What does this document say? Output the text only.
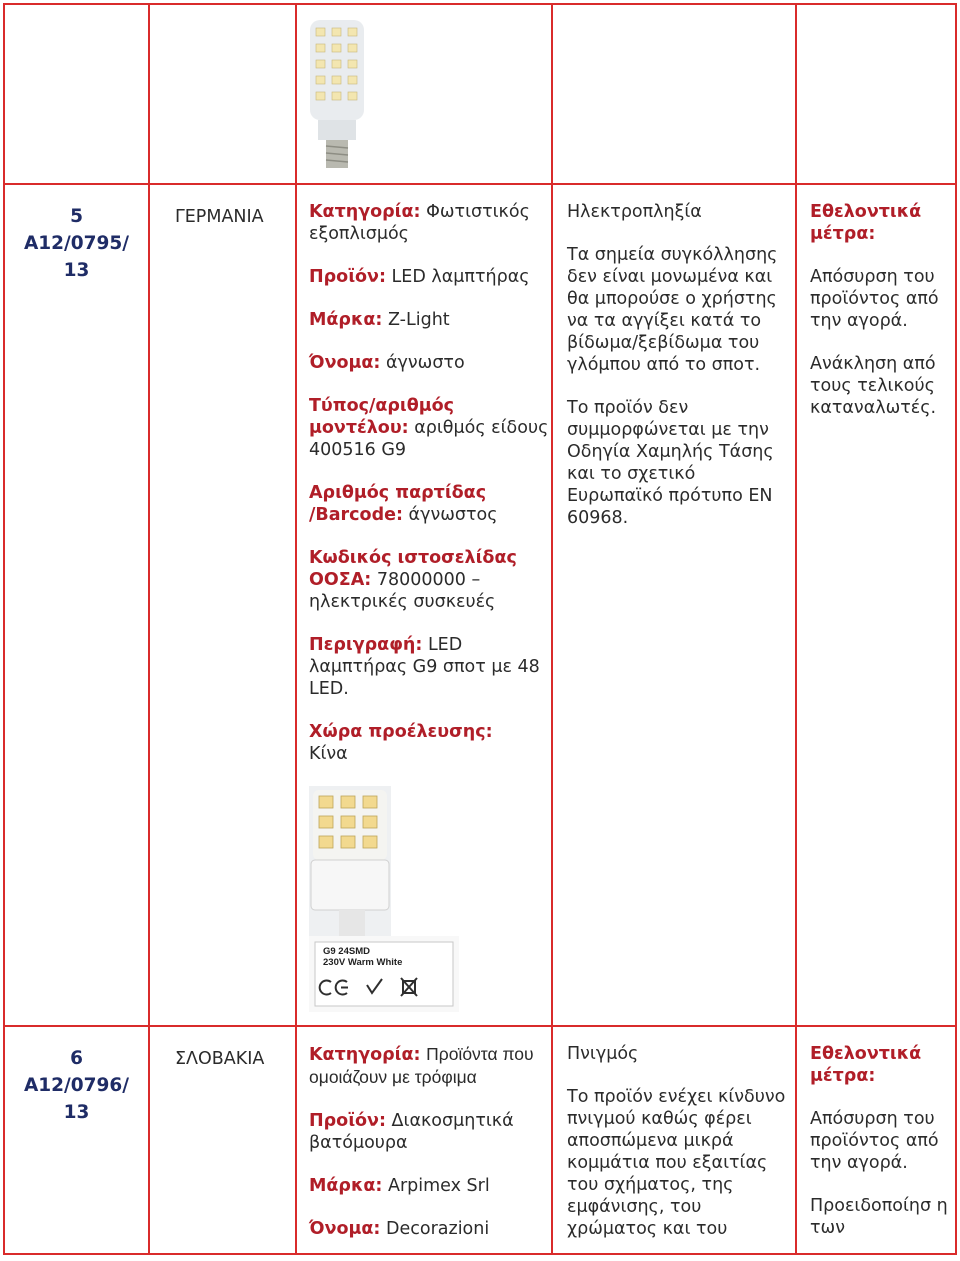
5
A12/0795/
13
ΓΕΡΜΑΝΙΑ	Κατηγορία: Φωτιστικός εξοπλισμός

Προϊόν: LED λαμπτήρας

Μάρκα: Z-Light

Όνομα: άγνωστο

Τύπος/αριθμός μοντέλου: αριθμός είδους 400516 G9

Αριθμός παρτίδας /Barcode: άγνωστος

Κωδικός ιστοσελίδας ΟΟΣΑ: 78000000 – ηλεκτρικές συσκευές

Περιγραφή: LED λαμπτήρας G9 σποτ με 48 LED.

Χώρα προέλευσης:
Κίνα

G9 24SMD
230V Warm White

Ηλεκτροπληξία

Τα σημεία συγκόλλησης δεν είναι μονωμένα και θα μπορούσε ο χρήστης να τα αγγίξει κατά το βίδωμα/ξεβίδωμα του γλόμπου από το σποτ.

Το προϊόν δεν συμμορφώνεται με την Οδηγία Χαμηλής Τάσης και το σχετικό Ευρωπαϊκό πρότυπο EN 60968.

Εθελοντικά μέτρα:

Απόσυρση του προϊόντος από την αγορά.

Ανάκληση από τους τελικούς καταναλωτές.

6
A12/0796/
13
ΣΛΟΒΑΚΙΑ	Κατηγορία: Προϊόντα που ομοιάζουν με τρόφιμα

Προϊόν: Διακοσμητικά βατόμουρα

Μάρκα: Arpimex Srl

Όνομα: Decorazioni

Πνιγμός

Το προϊόν ενέχει κίνδυνο πνιγμού καθώς φέρει αποσπώμενα μικρά κομμάτια που εξαιτίας του σχήματος, της εμφάνισης, του χρώματος και του

Εθελοντικά μέτρα:

Απόσυρση του προϊόντος από την αγορά.

Προειδοποίησ η των
